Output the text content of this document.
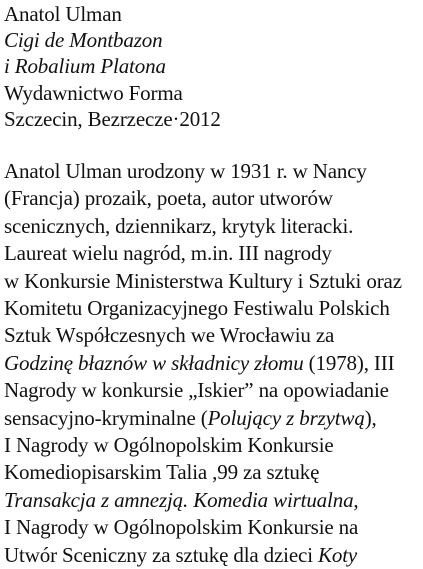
Anatol Ulman
Cigi de Montbazon
i Robalium Platona
Wydawnictwo Forma
Szczecin, Bezrzecze·2012
Anatol Ulman urodzony w 1931 r. w Nancy
(Francja) prozaik, poeta, autor utworów
scenicznych, dziennikarz, krytyk literacki.
Laureat wielu nagród, m.in. III nagrody
w Konkursie Ministerstwa Kultury i Sztuki oraz
Komitetu Organizacyjnego Festiwalu Polskich
Sztuk Współczesnych we Wrocławiu za
Godzinę błaznów w składnicy złomu (1978), III
Nagrody w konkursie „Iskier” na opowiadanie
sensacyjno-kryminalne (Polujący z brzytwą),
I Nagrody w Ogólnopolskim Konkursie
Komediopisarskim Talia ,99 za sztukę
Transakcja z amnezją. Komedia wirtualna,
I Nagrody w Ogólnopolskim Konkursie na
Utwór Sceniczny za sztukę dla dzieci Koty
